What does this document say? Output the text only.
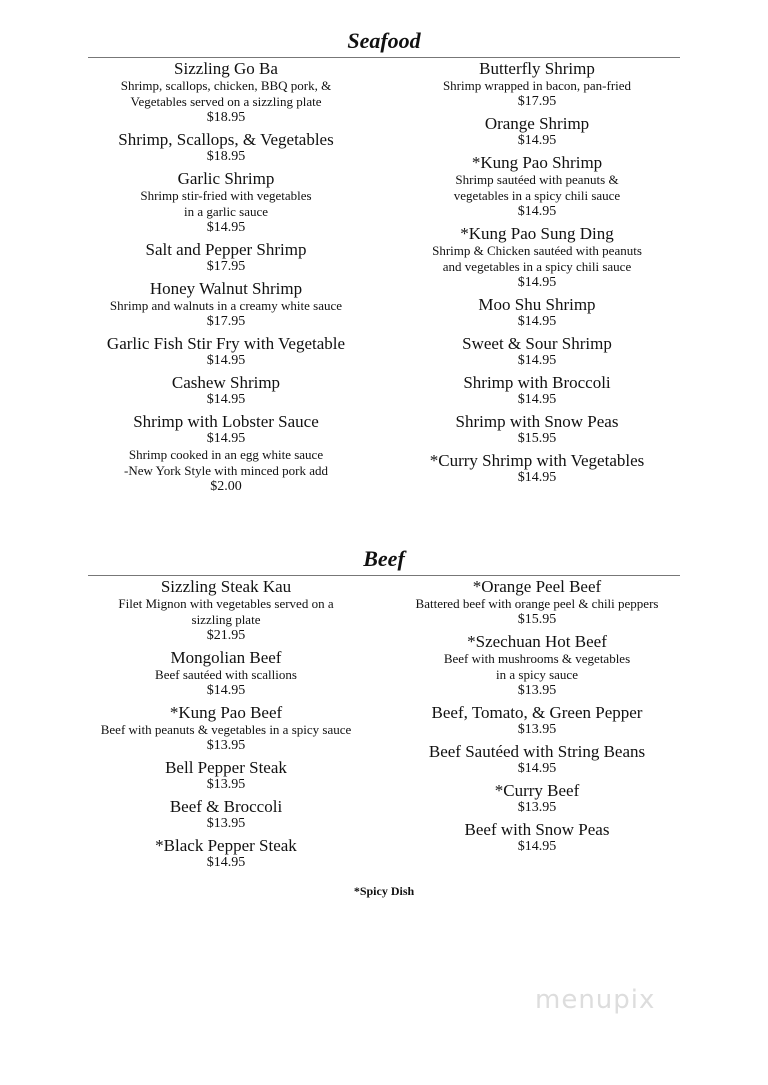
Seafood
Sizzling Go Ba
Shrimp, scallops, chicken, BBQ pork, &
Vegetables served on a sizzling plate
$18.95
Shrimp, Scallops, & Vegetables
$18.95
Garlic Shrimp
Shrimp stir-fried with vegetables
in a garlic sauce
$14.95
Salt and Pepper Shrimp
$17.95
Honey Walnut Shrimp
Shrimp and walnuts in a creamy white sauce
$17.95
Garlic Fish Stir Fry with Vegetable
$14.95
Cashew Shrimp
$14.95
Shrimp with Lobster Sauce
$14.95
Shrimp cooked in an egg white sauce
-New York Style with minced pork add
$2.00
Butterfly Shrimp
Shrimp wrapped in bacon, pan-fried
$17.95
Orange Shrimp
$14.95
*Kung Pao Shrimp
Shrimp sautéed with peanuts &
vegetables in a spicy chili sauce
$14.95
*Kung Pao Sung Ding
Shrimp & Chicken sautéed with peanuts
and vegetables in a spicy chili sauce
$14.95
Moo Shu Shrimp
$14.95
Sweet & Sour Shrimp
$14.95
Shrimp with Broccoli
$14.95
Shrimp with Snow Peas
$15.95
*Curry Shrimp with Vegetables
$14.95
Beef
Sizzling Steak Kau
Filet Mignon with vegetables served on a
sizzling plate
$21.95
Mongolian Beef
Beef sautéed with scallions
$14.95
*Kung Pao Beef
Beef with peanuts & vegetables in a spicy sauce
$13.95
Bell Pepper Steak
$13.95
Beef & Broccoli
$13.95
*Black Pepper Steak
$14.95
*Orange Peel Beef
Battered beef with orange peel & chili peppers
$15.95
*Szechuan Hot Beef
Beef with mushrooms & vegetables
in a spicy sauce
$13.95
Beef, Tomato, & Green Pepper
$13.95
Beef Sautéed with String Beans
$14.95
*Curry Beef
$13.95
Beef with Snow Peas
$14.95
*Spicy Dish
menupix
